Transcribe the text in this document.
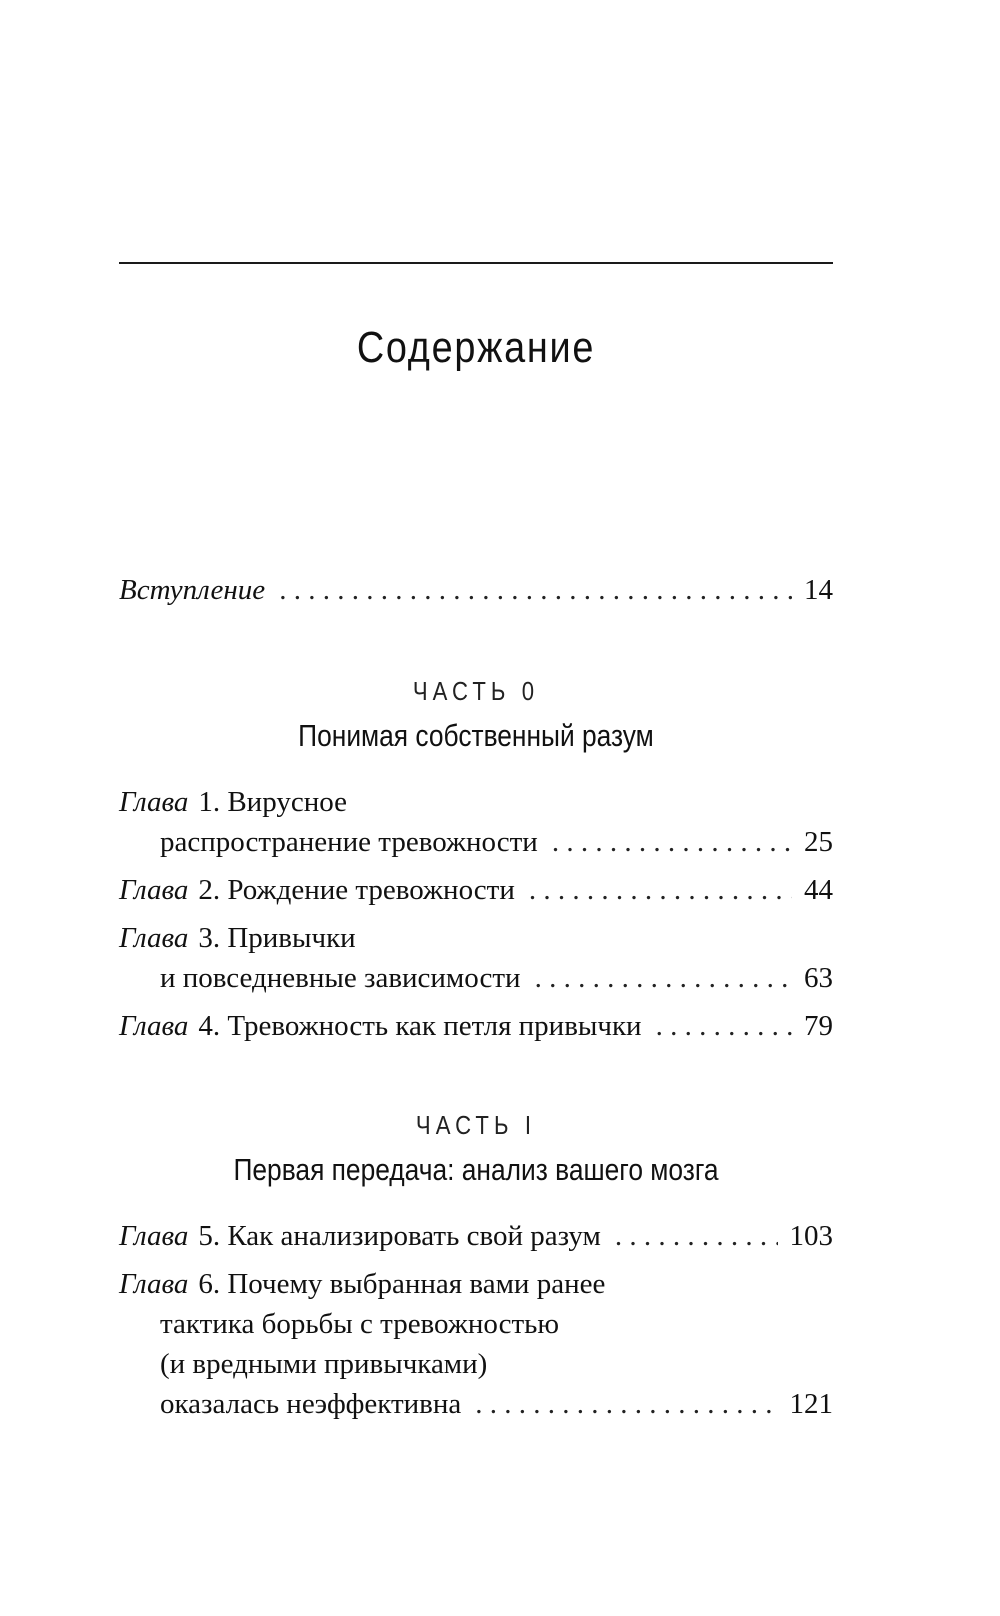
Содержание
Вступление . . .	14
ЧАСТЬ 0
Понимая собственный разум
Глава 1.
Вирусное
распространение тревожности . . .	25
Глава 2.
Рождение тревожности . . .	44
Глава 3.
Привычки
и повседневные зависимости . . .	63
Глава 4.
Тревожность как петля привычки . . .	79
ЧАСТЬ I
Первая передача: анализ вашего мозга
Глава 5.
Как анализировать свой разум . . .	103
Глава 6.
Почему выбранная вами ранее
тактика борьбы с тревожностью
(и вредными привычками)
оказалась неэффективна . . .	121
